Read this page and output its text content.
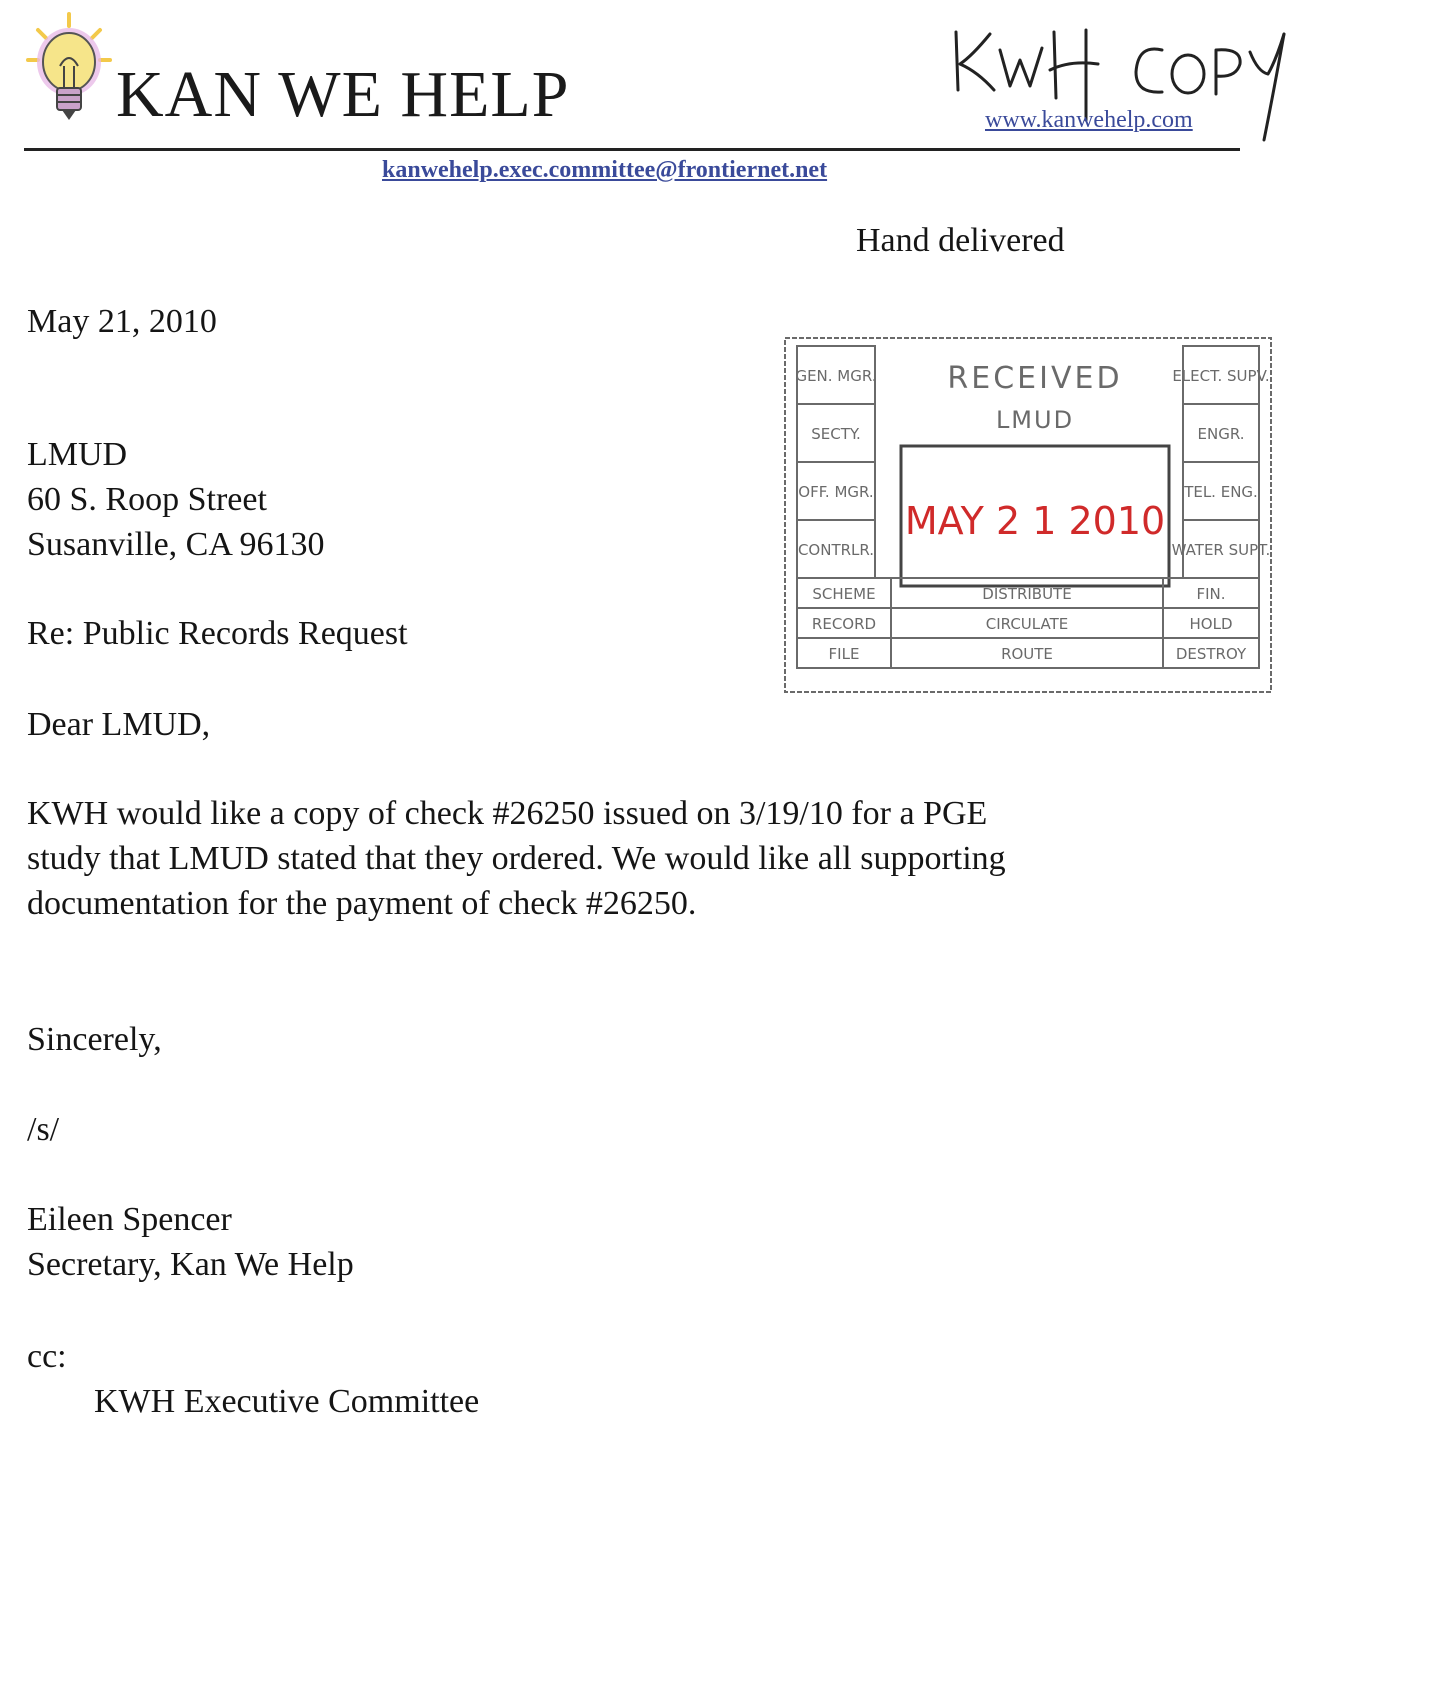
KAN WE HELP	www.kanwehelp.com
kanwehelp.exec.committee@frontiernet.net
Hand delivered
May 21, 2010
LMUD
60 S. Roop Street
Susanville, CA 96130
Re: Public Records Request
Dear LMUD,
KWH would like a copy of check #26250 issued on 3/19/10 for a PGE
study that LMUD stated that they ordered. We would like all supporting
documentation for the payment of check #26250.
Sincerely,
/s/
Eileen Spencer
Secretary, Kan We Help
cc:
KWH Executive Committee
GEN. MGR.
SECTY.
OFF. MGR.
CONTRLR.
SCHEME
RECORD
FILE
ELECT. SUPV.
ENGR.
TEL. ENG.
WATER SUPT.
FIN.
HOLD
DESTROY
DISTRIBUTE
CIRCULATE
ROUTE
RECEIVED
LMUD
MAY 2 1 2010
